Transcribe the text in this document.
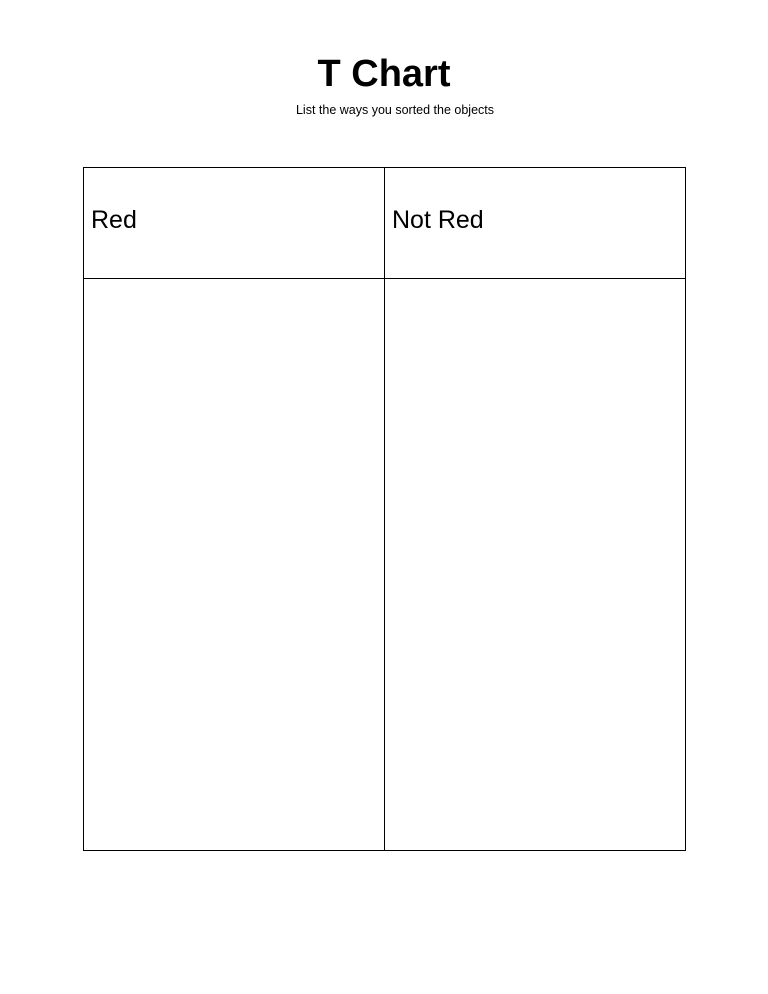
T Chart

List the ways you sorted the objects

Red	Not Red
